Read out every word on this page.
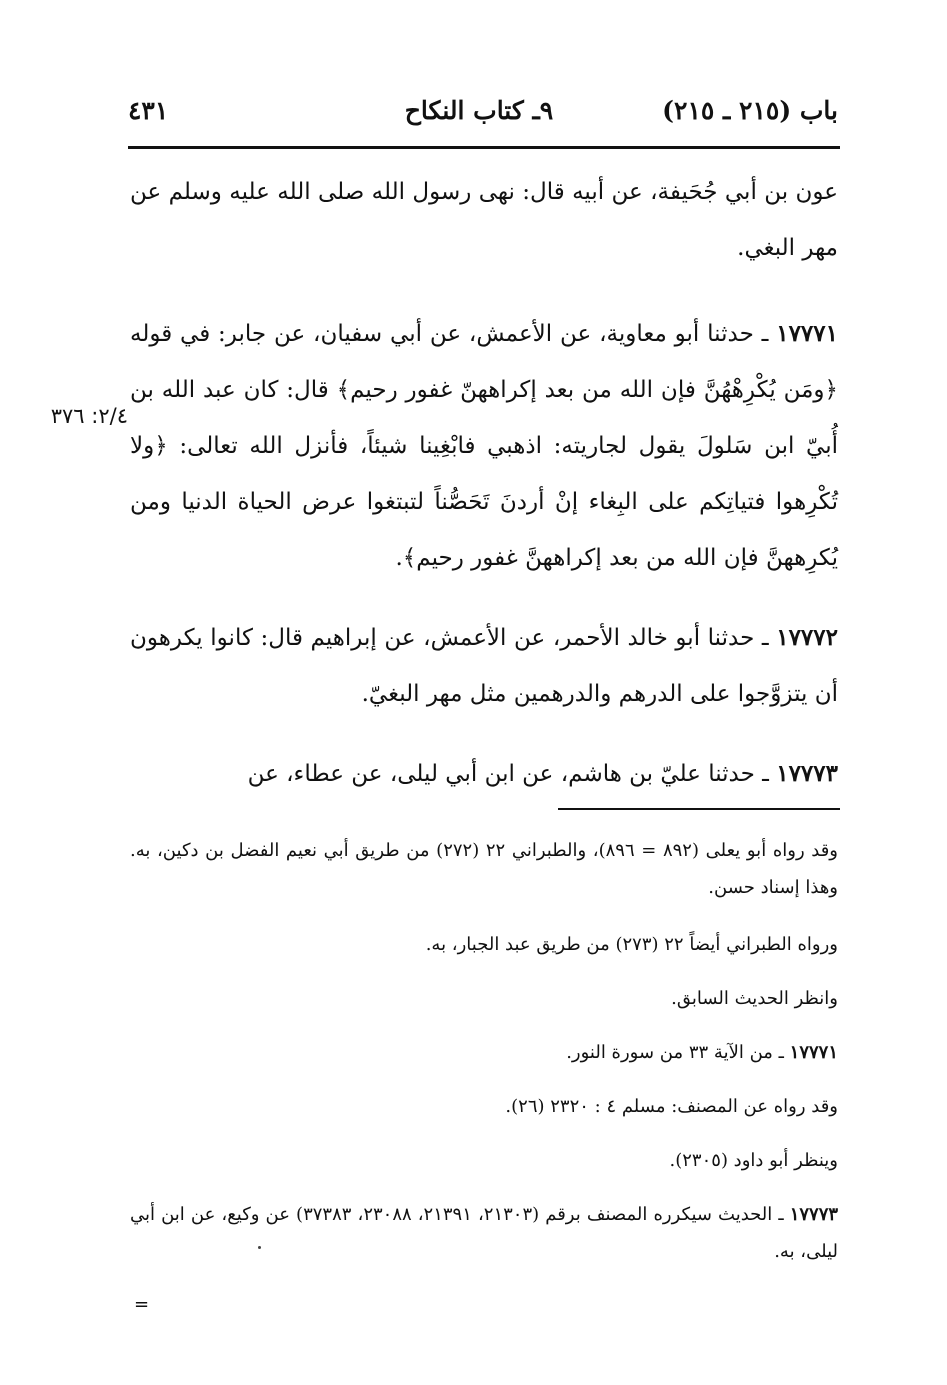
باب (٢١٥ ـ ٢١٥)
٩ـ كتاب النكاح
٤٣١
٢/٤: ٣٧٦

عون بن أبي جُحَيفة، عن أبيه قال: نهى رسول الله صلى الله عليه وسلم عن مهر البغي.

١٧٧٧١ ـ حدثنا أبو معاوية، عن الأعمش، عن أبي سفيان، عن جابر: في قوله ﴿ومَن يُكْرِهْهُنَّ فإن الله من بعد إكراههنّ غفور رحيم﴾ قال: كان عبد الله بن أُبيّ ابن سَلولَ يقول لجاريته: اذهبي فابْغِينا شيئاً، فأنزل الله تعالى: ﴿ولا تُكْرِهوا فتياتِكم على البِغاء إنْ أردنَ تَحَصُّناً لتبتغوا عرض الحياة الدنيا ومن يُكرِههنَّ فإن الله من بعد إكراههنَّ غفور رحيم﴾.

١٧٧٧٢ ـ حدثنا أبو خالد الأحمر، عن الأعمش، عن إبراهيم قال: كانوا يكرهون أن يتزوَّجوا على الدرهم والدرهمين مثل مهر البغيّ.

١٧٧٧٣ ـ حدثنا عليّ بن هاشم، عن ابن أبي ليلى، عن عطاء، عن

وقد رواه أبو يعلى (٨٩٢ = ٨٩٦)، والطبراني ٢٢ (٢٧٢) من طريق أبي نعيم الفضل بن دكين، به. وهذا إسناد حسن.

ورواه الطبراني أيضاً ٢٢ (٢٧٣) من طريق عبد الجبار، به.

وانظر الحديث السابق.

١٧٧٧١ ـ من الآية ٣٣ من سورة النور.

وقد رواه عن المصنف: مسلم ٤ : ٢٣٢٠ (٢٦).

وينظر أبو داود (٢٣٠٥).

١٧٧٧٣ ـ الحديث سيكرره المصنف برقم (٢١٣٠٣، ٢١٣٩١، ٢٣٠٨٨، ٣٧٣٨٣) عن وكيع، عن ابن أبي ليلى، به.

=
